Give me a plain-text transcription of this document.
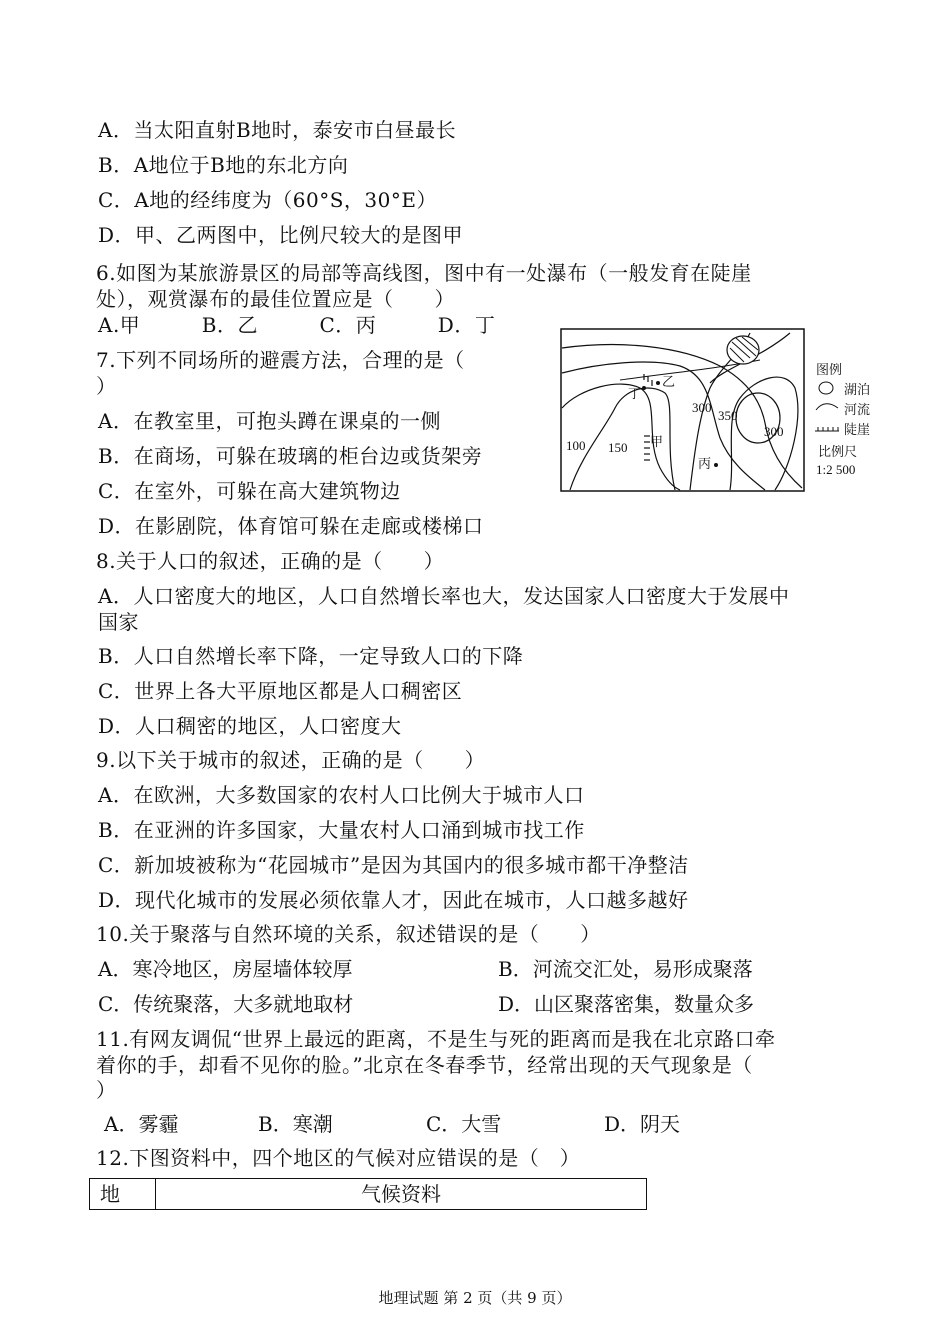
A．当太阳直射B地时，泰安市白昼最长
B．A地位于B地的东北方向
C．A地的经纬度为（60°S，30°E）
D．甲、乙两图中，比例尺较大的是图甲
6.如图为某旅游景区的局部等高线图，图中有一处瀑布（一般发育在陡崖
处），观赏瀑布的最佳位置应是（　　）
A.甲　　　B．乙　　　C．丙　　　D．丁
7.下列不同场所的避震方法，合理的是（
）
A．在教室里，可抱头蹲在课桌的一侧
B．在商场，可躲在玻璃的柜台边或货架旁
C．在室外，可躲在高大建筑物边
D．在影剧院，体育馆可躲在走廊或楼梯口
8.关于人口的叙述，正确的是（　　）
A．人口密度大的地区，人口自然增长率也大，发达国家人口密度大于发展中
国家
B．人口自然增长率下降，一定导致人口的下降
C．世界上各大平原地区都是人口稠密区
D．人口稠密的地区，人口密度大
9.以下关于城市的叙述，正确的是（　　）
A．在欧洲，大多数国家的农村人口比例大于城市人口
B．在亚洲的许多国家，大量农村人口涌到城市找工作
C．新加坡被称为“花园城市”是因为其国内的很多城市都干净整洁
D．现代化城市的发展必须依靠人才，因此在城市，人口越多越好
10.关于聚落与自然环境的关系，叙述错误的是（　　）
A．寒冷地区，房屋墙体较厚	B．河流交汇处，易形成聚落
C．传统聚落，大多就地取材	D．山区聚落密集，数量众多
11.有网友调侃“世界上最远的距离，不是生与死的距离而是我在北京路口牵
着你的手，却看不见你的脸。”北京在冬春季节，经常出现的天气现象是（
）
A．雾霾	B．寒潮	C．大雪	D．阴天
12.下图资料中，四个地区的气候对应错误的是（　）
乙
丁
甲
丙
100 150
300
350
300
图例
湖泊
河流
陡崖
比例尺
1:2 500
地	气候资料
地理试题 第 2 页（共 9 页）
